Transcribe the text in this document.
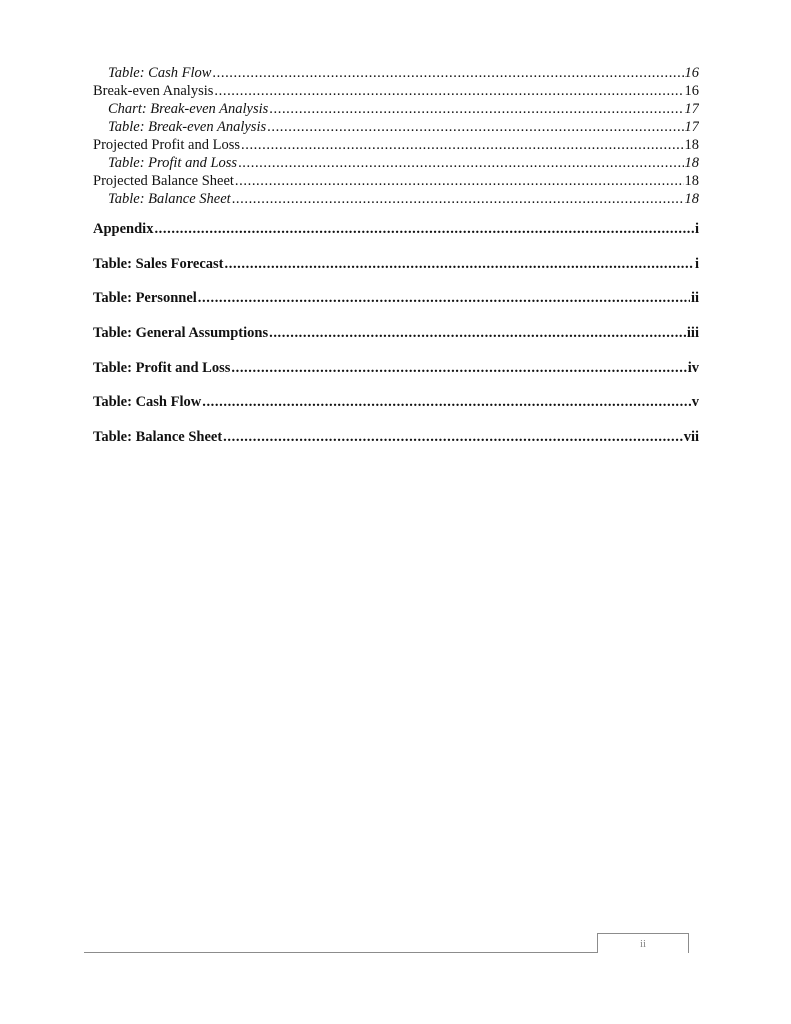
Table: Cash Flow .....	16
Break-even Analysis .....	16
Chart: Break-even Analysis .....	17
Table: Break-even Analysis .....	17
Projected Profit and Loss .....	18
Table: Profit and Loss .....	18
Projected Balance Sheet .....	18
Table: Balance Sheet .....	18
Appendix .....	i
Table: Sales Forecast .....	i
Table: Personnel .....	ii
Table: General Assumptions .....	iii
Table: Profit and Loss .....	iv
Table: Cash Flow .....	v
Table: Balance Sheet .....	vii
ii
